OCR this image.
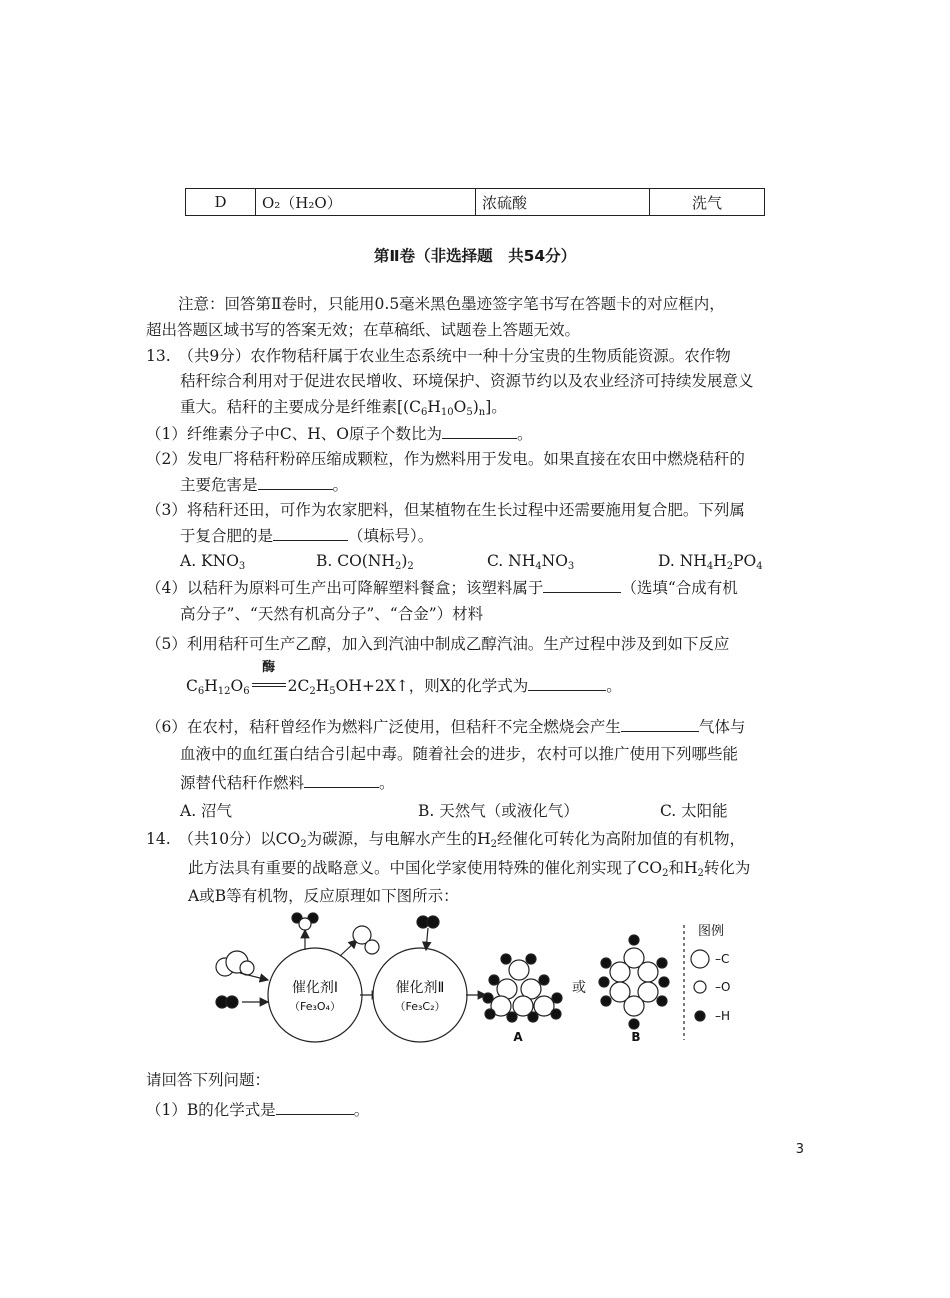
D	O₂（H₂O）	浓硫酸	洗气
第Ⅱ卷（非选择题　共54分）
注意：回答第Ⅱ卷时，只能用0.5毫米黑色墨迹签字笔书写在答题卡的对应框内，
超出答题区域书写的答案无效；在草稿纸、试题卷上答题无效。
13.　（共9分）农作物秸秆属于农业生态系统中一种十分宝贵的生物质能资源。农作物
秸秆综合利用对于促进农民增收、环境保护、资源节约以及农业经济可持续发展意义
重大。秸秆的主要成分是纤维素$[(C_6H_{10}O_5)_n]$。
（1）纤维素分子中C、H、O原子个数比为	。
（2）发电厂将秸秆粉碎压缩成颗粒，作为燃料用于发电。如果直接在农田中燃烧秸秆的
主要危害是	。
（3）将秸秆还田，可作为农家肥料，但某植物在生长过程中还需要施用复合肥。下列属
于复合肥的是	（填标号）。
A. $KNO_3$	B. $CO(NH_2)_2$	C. $NH_4NO_3$	D. $NH_4H_2PO_4$
（4）以秸秆为原料可生产出可降解塑料餐盒；该塑料属于	（选填“合成有机
高分子”、“天然有机高分子”、“合金”）材料
（5）利用秸秆可生产乙醇，加入到汽油中制成乙醇汽油。生产过程中涉及到如下反应
$C_6H_{12}O_6$
酶
$2C_2H_5OH+2X↑$，则X的化学式为	。
（6）在农村，秸秆曾经作为燃料广泛使用，但秸秆不完全燃烧会产生	气体与
血液中的血红蛋白结合引起中毒。随着社会的进步，农村可以推广使用下列哪些能
源替代秸秆作燃料	。
A. 沼气	B. 天然气（或液化气）	C. 太阳能
14.　（共10分）以$CO_2$为碳源，与电解水产生的$H_2$经催化可转化为高附加值的有机物，
此方法具有重要的战略意义。中国化学家使用特殊的催化剂实现了$CO_2$和$H_2$转化为
A或B等有机物，反应原理如下图所示：
催化剂Ⅰ
（Fe₃O₄）
催化剂Ⅱ
（Fe₃C₂）
或
A	B
图例
–C
–O
–H
请回答下列问题：
（1）B的化学式是	。
3
